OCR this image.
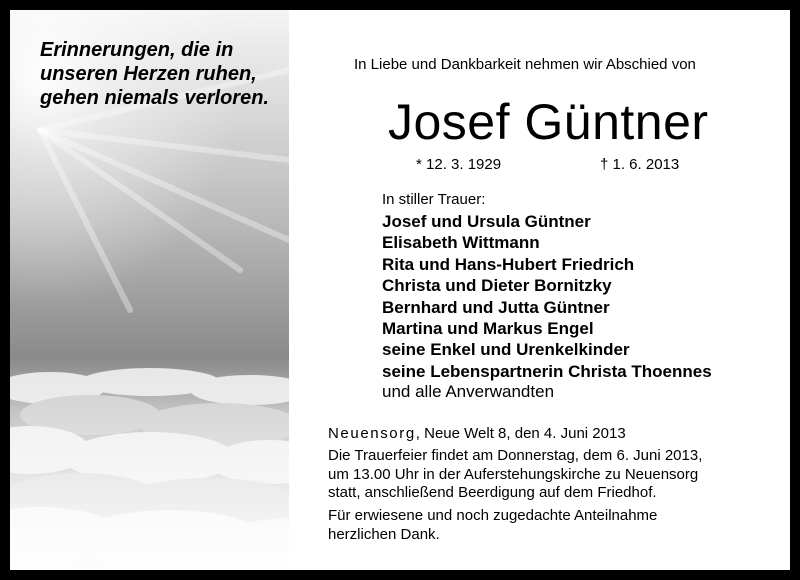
Erinnerungen, die in
unseren Herzen ruhen,
gehen niemals verloren.
In Liebe und Dankbarkeit nehmen wir Abschied von
Josef Güntner
* 12. 3. 1929	† 1. 6. 2013
In stiller Trauer:
Josef und Ursula Güntner
Elisabeth Wittmann
Rita und Hans-Hubert Friedrich
Christa und Dieter Bornitzky
Bernhard und Jutta Güntner
Martina und Markus Engel
seine Enkel und Urenkelkinder
seine Lebenspartnerin Christa Thoennes
und alle Anverwandten
Neuensorg, Neue Welt 8, den 4. Juni 2013
Die Trauerfeier findet am Donnerstag, dem 6. Juni 2013,
um 13.00 Uhr in der Auferstehungskirche zu Neuensorg
statt, anschließend Beerdigung auf dem Friedhof.
Für erwiesene und noch zugedachte Anteilnahme
herzlichen Dank.
